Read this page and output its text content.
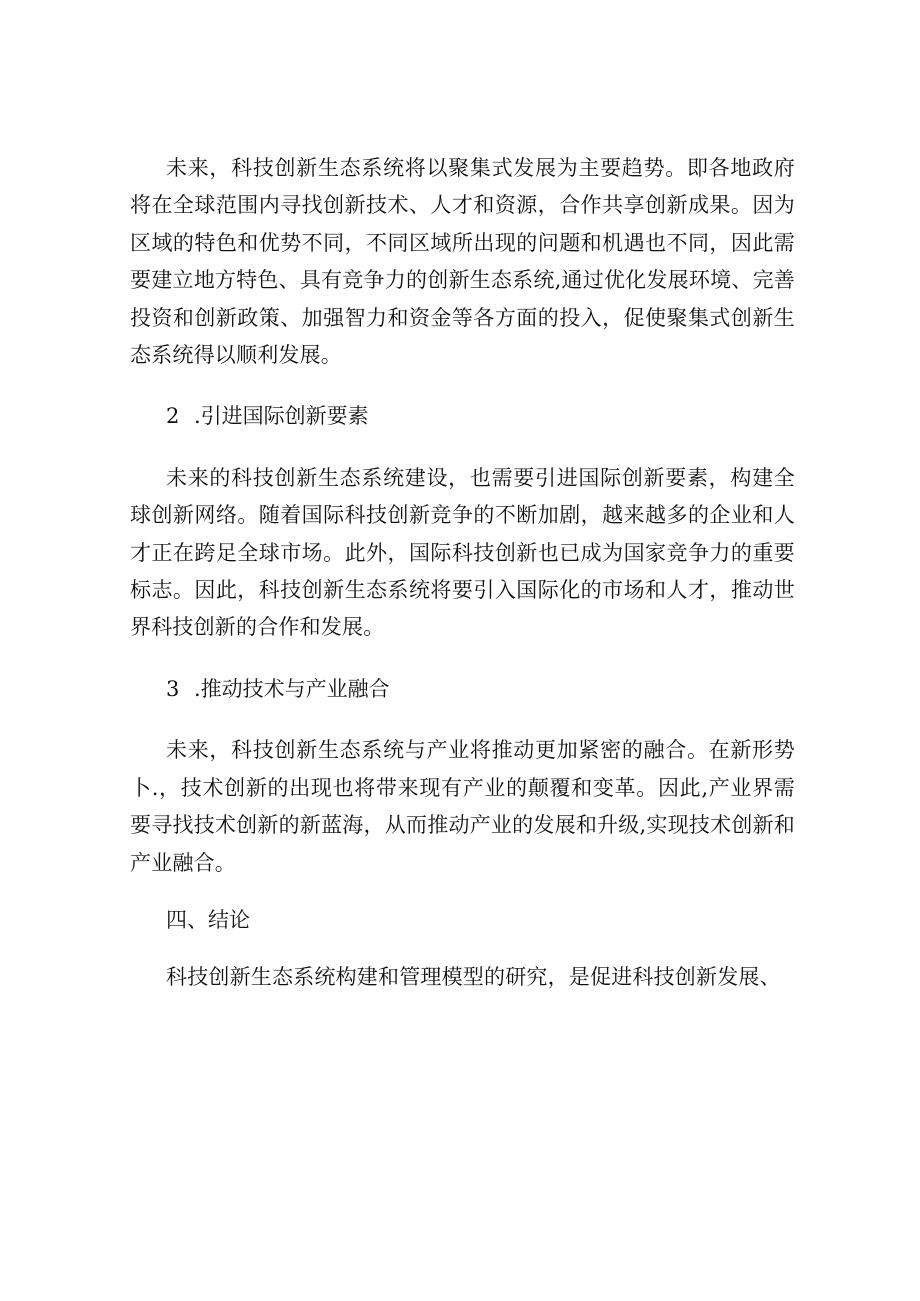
未来，科技创新生态系统将以聚集式发展为主要趋势。即各地政府将在全球范围内寻找创新技术、人才和资源，合作共享创新成果。因为区域的特色和优势不同，不同区域所出现的问题和机遇也不同，因此需要建立地方特色、具有竞争力的创新生态系统,通过优化发展环境、完善投资和创新政策、加强智力和资金等各方面的投入，促使聚集式创新生态系统得以顺利发展。

2 .引进国际创新要素

未来的科技创新生态系统建设，也需要引进国际创新要素，构建全球创新网络。随着国际科技创新竞争的不断加剧，越来越多的企业和人才正在跨足全球市场。此外，国际科技创新也已成为国家竞争力的重要标志。因此，科技创新生态系统将要引入国际化的市场和人才，推动世界科技创新的合作和发展。

3 .推动技术与产业融合

未来，科技创新生态系统与产业将推动更加紧密的融合。在新形势卜.，技术创新的出现也将带来现有产业的颠覆和变革。因此,产业界需要寻找技术创新的新蓝海，从而推动产业的发展和升级,实现技术创新和产业融合。

四、结论

科技创新生态系统构建和管理模型的研究，是促进科技创新发展、
